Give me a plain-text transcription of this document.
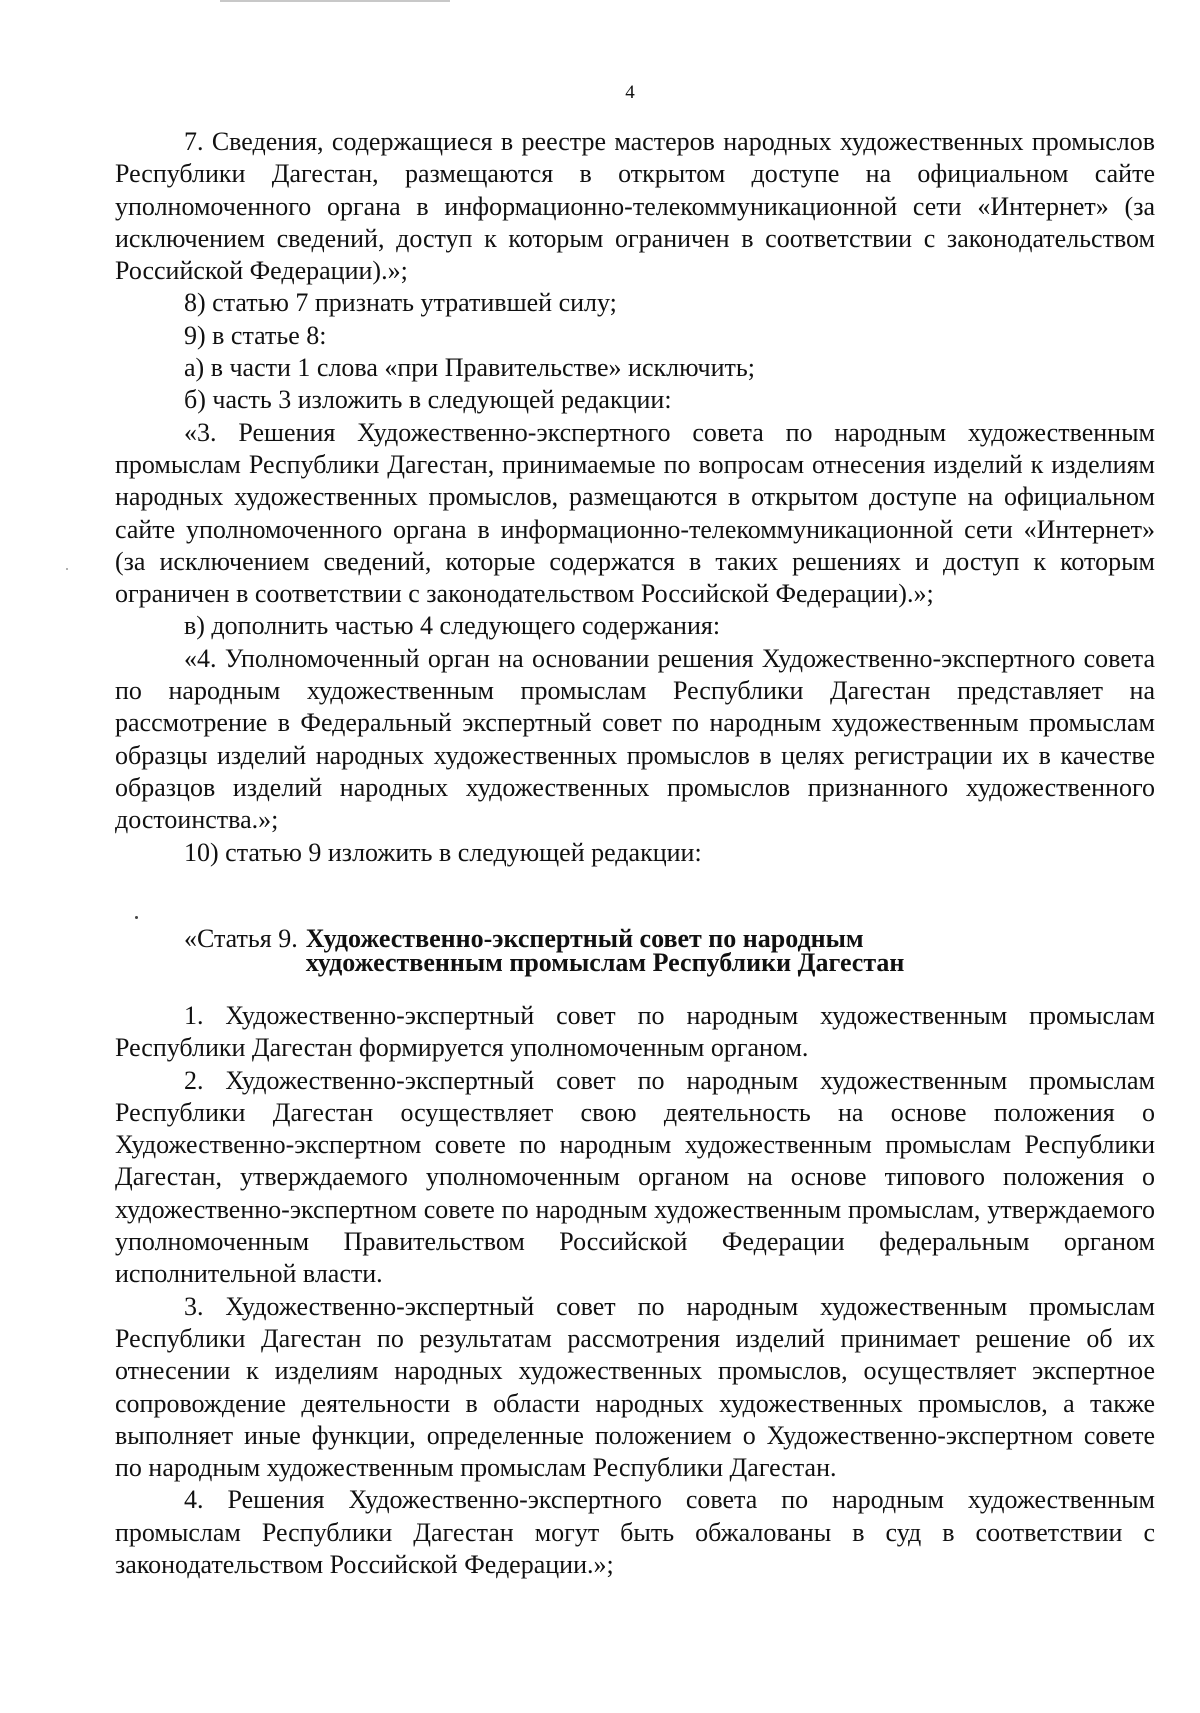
4

7. Сведения, содержащиеся в реестре мастеров народных художественных промыслов Республики Дагестан, размещаются в открытом доступе на официальном сайте уполномоченного органа в информационно-телекоммуникационной сети «Интернет» (за исключением сведений, доступ к которым ограничен в соответствии с законодательством Российской Федерации).»;

8) статью 7 признать утратившей силу;

9) в статье 8:

а) в части 1 слова «при Правительстве» исключить;

б) часть 3 изложить в следующей редакции:

«3. Решения Художественно-экспертного совета по народным художественным промыслам Республики Дагестан, принимаемые по вопросам отнесения изделий к изделиям народных художественных промыслов, размещаются в открытом доступе на официальном сайте уполномоченного органа в информационно-телекоммуникационной сети «Интернет» (за исключением сведений, которые содержатся в таких решениях и доступ к которым ограничен в соответствии с законодательством Российской Федерации).»;

в) дополнить частью 4 следующего содержания:

«4. Уполномоченный орган на основании решения Художественно-экспертного совета по народным художественным промыслам Республики Дагестан представляет на рассмотрение в Федеральный экспертный совет по народным художественным промыслам образцы изделий народных художественных промыслов в целях регистрации их в качестве образцов изделий народных художественных промыслов признанного художественного достоинства.»;

10) статью 9 изложить в следующей редакции:

«Статья 9. Художественно-экспертный совет по народным
художественным промыслам Республики Дагестан

1. Художественно-экспертный совет по народным художественным промыслам Республики Дагестан формируется уполномоченным органом.

2. Художественно-экспертный совет по народным художественным промыслам Республики Дагестан осуществляет свою деятельность на основе положения о Художественно-экспертном совете по народным художественным промыслам Республики Дагестан, утверждаемого уполномоченным органом на основе типового положения о художественно-экспертном совете по народным художественным промыслам, утверждаемого уполномоченным Правительством Российской Федерации федеральным органом исполнительной власти.

3. Художественно-экспертный совет по народным художественным промыслам Республики Дагестан по результатам рассмотрения изделий принимает решение об их отнесении к изделиям народных художественных промыслов, осуществляет экспертное сопровождение деятельности в области народных художественных промыслов, а также выполняет иные функции, определенные положением о Художественно-экспертном совете по народным художественным промыслам Республики Дагестан.

4. Решения Художественно-экспертного совета по народным художественным промыслам Республики Дагестан могут быть обжалованы в суд в соответствии с законодательством Российской Федерации.»;
